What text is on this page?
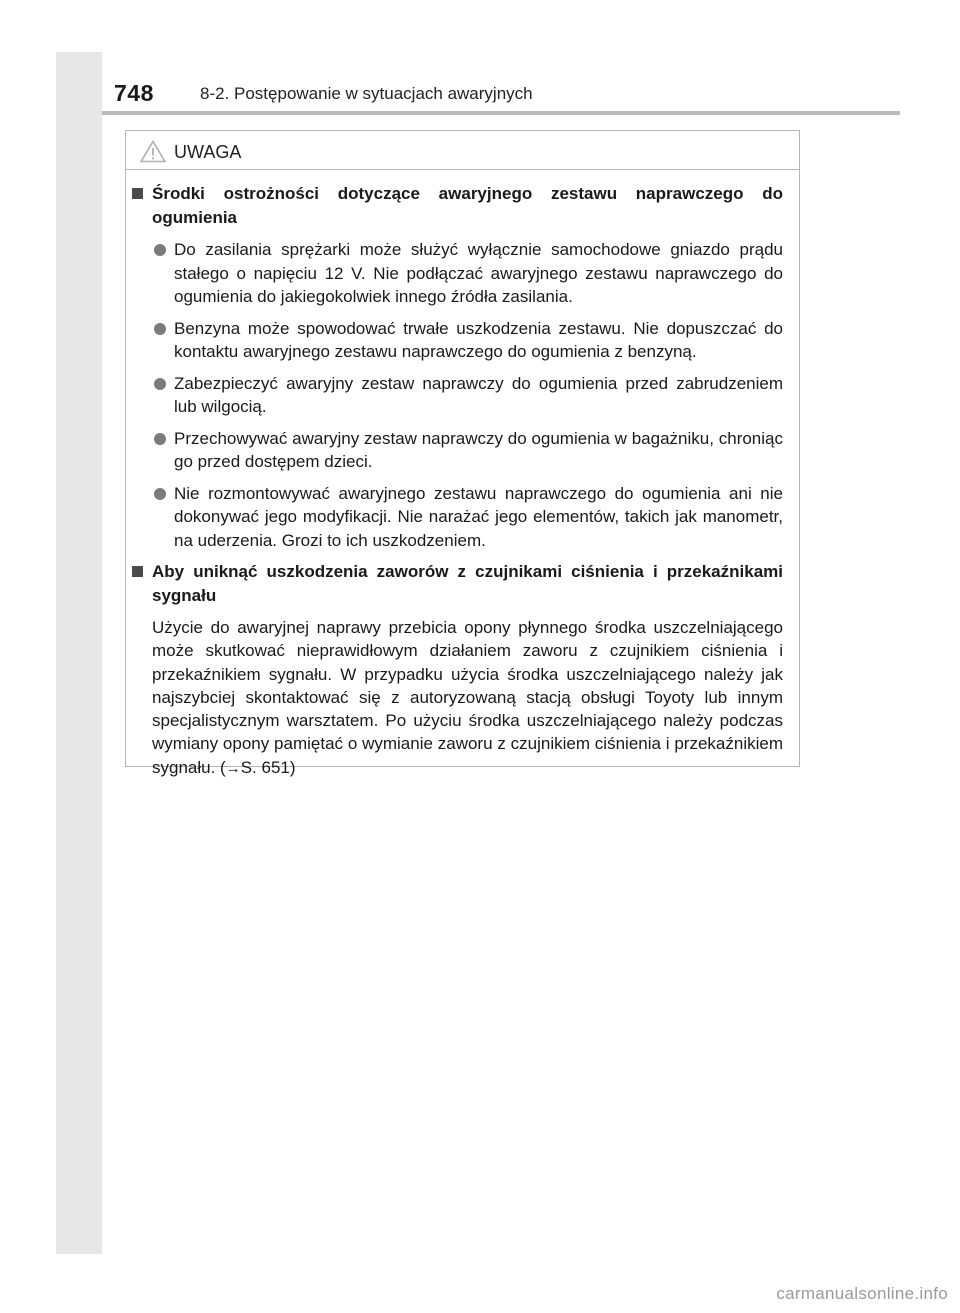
748	8-2. Postępowanie w sytuacjach awaryjnych
UWAGA
Środki ostrożności dotyczące awaryjnego zestawu naprawczego do ogumienia
Do zasilania sprężarki może służyć wyłącznie samochodowe gniazdo prądu stałego o napięciu 12 V. Nie podłączać awaryjnego zestawu naprawczego do ogumienia do jakiegokolwiek innego źródła zasilania.
Benzyna może spowodować trwałe uszkodzenia zestawu. Nie dopuszczać do kontaktu awaryjnego zestawu naprawczego do ogumienia z benzyną.
Zabezpieczyć awaryjny zestaw naprawczy do ogumienia przed zabrudzeniem lub wilgocią.
Przechowywać awaryjny zestaw naprawczy do ogumienia w bagażniku, chroniąc go przed dostępem dzieci.
Nie rozmontowywać awaryjnego zestawu naprawczego do ogumienia ani nie dokonywać jego modyfikacji. Nie narażać jego elementów, takich jak manometr, na uderzenia. Grozi to ich uszkodzeniem.
Aby uniknąć uszkodzenia zaworów z czujnikami ciśnienia i przekaźnikami sygnału
Użycie do awaryjnej naprawy przebicia opony płynnego środka uszczelniającego może skutkować nieprawidłowym działaniem zaworu z czujnikiem ciśnienia i przekaźnikiem sygnału. W przypadku użycia środka uszczelniającego należy jak najszybciej skontaktować się z autoryzowaną stacją obsługi Toyoty lub innym specjalistycznym warsztatem. Po użyciu środka uszczelniającego należy podczas wymiany opony pamiętać o wymianie zaworu z czujnikiem ciśnienia i przekaźnikiem sygnału. (→S. 651)
carmanualsonline.info
